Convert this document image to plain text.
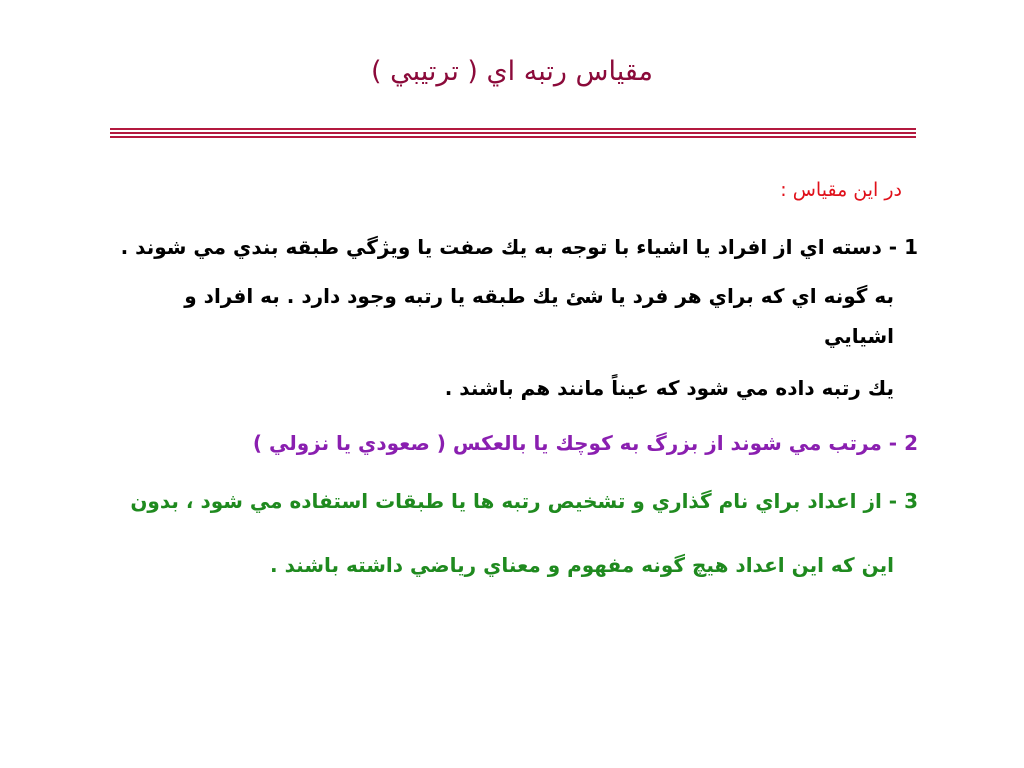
مقياس رتبه اي ( ترتيبي )
در اين مقياس :
1 - دسته اي از افراد يا اشياء با توجه به يك صفت يا ويژگي طبقه بندي مي شوند .
به گونه اي كه براي هر فرد يا شئ يك طبقه يا رتبه وجود دارد . به افراد و اشيايي
يك رتبه داده مي شود كه عيناً مانند هم باشند .
2 - مرتب مي شوند از بزرگ به كوچك يا بالعكس ( صعودي يا نزولي )
3 - از اعداد براي نام گذاري و تشخيص رتبه ها يا طبقات استفاده مي شود ، بدون
اين كه اين اعداد هيچ گونه مفهوم و معناي رياضي داشته باشند .
